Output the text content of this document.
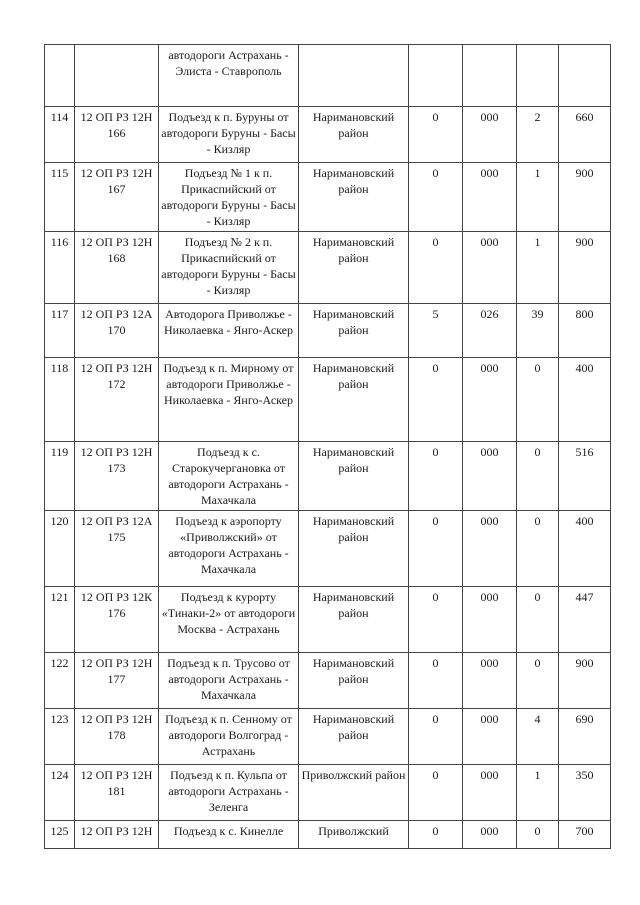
		автодороги Астрахань - Элиста - Ставрополь					
114	12 ОП РЗ 12Н 166	Подъезд к п. Буруны от автодороги Буруны - Басы - Кизляр	Наримановский район	0	000	2	660
115	12 ОП РЗ 12Н 167	Подъезд № 1 к п. Прикаспийский от автодороги Буруны - Басы - Кизляр	Наримановский район	0	000	1	900
116	12 ОП РЗ 12Н 168	Подъезд № 2 к п. Прикаспийский от автодороги Буруны - Басы - Кизляр	Наримановский район	0	000	1	900
117	12 ОП РЗ 12А 170	Автодорога Приволжье - Николаевка - Янго-Аскер	Наримановский район	5	026	39	800
118	12 ОП РЗ 12Н 172	Подъезд к п. Мирному от автодороги Приволжье - Николаевка - Янго-Аскер	Наримановский район	0	000	0	400
119	12 ОП РЗ 12Н 173	Подъезд к с. Старокучергановка от автодороги Астрахань - Махачкала	Наримановский район	0	000	0	516
120	12 ОП РЗ 12А 175	Подъезд к аэропорту «Приволжский» от автодороги Астрахань - Махачкала	Наримановский район	0	000	0	400
121	12 ОП РЗ 12К 176	Подъезд к курорту «Тинаки-2» от автодороги Москва - Астрахань	Наримановский район	0	000	0	447
122	12 ОП РЗ 12Н 177	Подъезд к п. Трусово от автодороги Астрахань - Махачкала	Наримановский район	0	000	0	900
123	12 ОП РЗ 12Н 178	Подъезд к п. Сенному от автодороги Волгоград - Астрахань	Наримановский район	0	000	4	690
124	12 ОП РЗ 12Н 181	Подъезд к п. Кульпа от автодороги Астрахань - Зеленга	Приволжский район	0	000	1	350
125	12 ОП РЗ 12Н	Подъезд к с. Кинелле	Приволжский	0	000	0	700
